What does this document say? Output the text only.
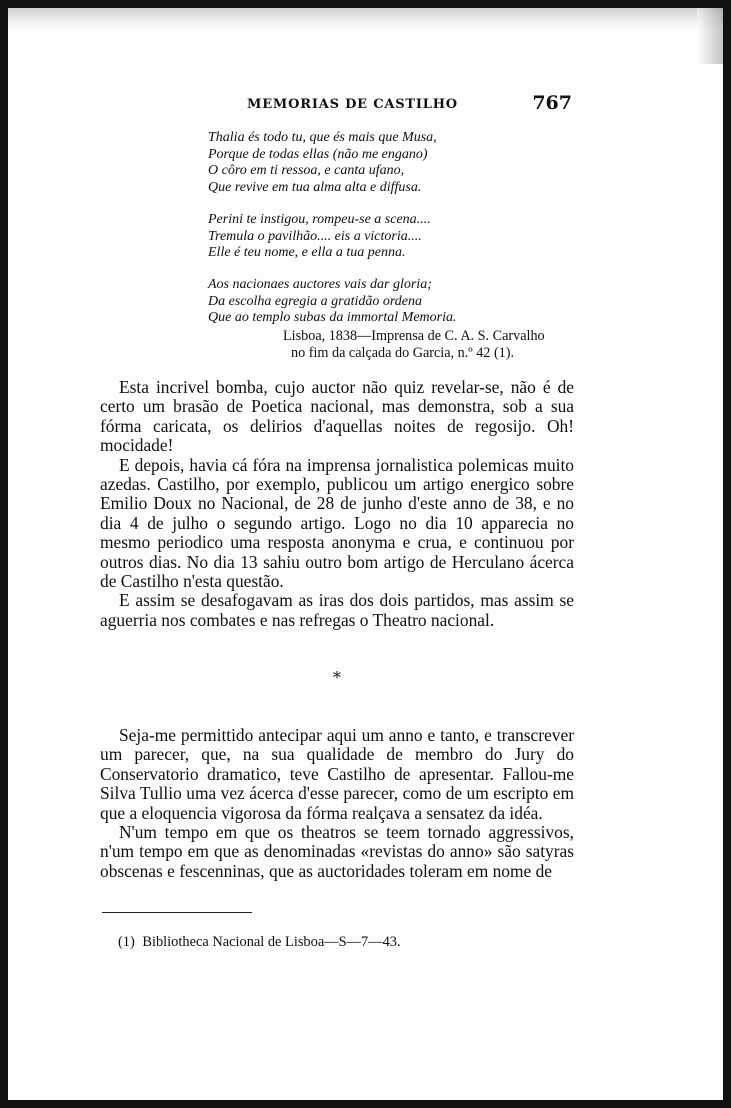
MEMORIAS DE CASTILHO	767
Thalia és todo tu, que és mais que Musa,
Porque de todas ellas (não me engano)
O côro em ti ressoa, e canta ufano,
Que revive em tua alma alta e diffusa.
Perini te instigou, rompeu-se a scena....
Tremula o pavilhão.... eis a victoria....
Elle é teu nome, e ella a tua penna.
Aos nacionaes auctores vais dar gloria;
Da escolha egregia a gratidão ordena
Que ao templo subas da immortal Memoria.
Lisboa, 1838—Imprensa de C. A. S. Carvalho
no fim da calçada do Garcia, n.º 42 (1).

Esta incrivel bomba, cujo auctor não quiz revelar-se, não é de certo um brasão de Poetica nacional, mas demonstra, sob a sua fórma caricata, os delirios d'aquellas noites de regosijo. Oh! mocidade!

E depois, havia cá fóra na imprensa jornalistica polemicas muito azedas. Castilho, por exemplo, publicou um artigo energico sobre Emilio Doux no Nacional, de 28 de junho d'este anno de 38, e no dia 4 de julho o segundo artigo. Logo no dia 10 apparecia no mesmo periodico uma resposta anonyma e crua, e continuou por outros dias. No dia 13 sahiu outro bom artigo de Herculano ácerca de Castilho n'esta questão.

E assim se desafogavam as iras dos dois partidos, mas assim se aguerria nos combates e nas refregas o Theatro nacional.

*

Seja-me permittido antecipar aqui um anno e tanto, e transcrever um parecer, que, na sua qualidade de membro do Jury do Conservatorio dramatico, teve Castilho de apresentar. Fallou-me Silva Tullio uma vez ácerca d'esse parecer, como de um escripto em que a eloquencia vigorosa da fórma realçava a sensatez da idéa.

N'um tempo em que os theatros se teem tornado aggressivos, n'um tempo em que as denominadas «revistas do anno» são satyras obscenas e fescenninas, que as auctoridades toleram em nome de

(1) Bibliotheca Nacional de Lisboa—S—7—43.
